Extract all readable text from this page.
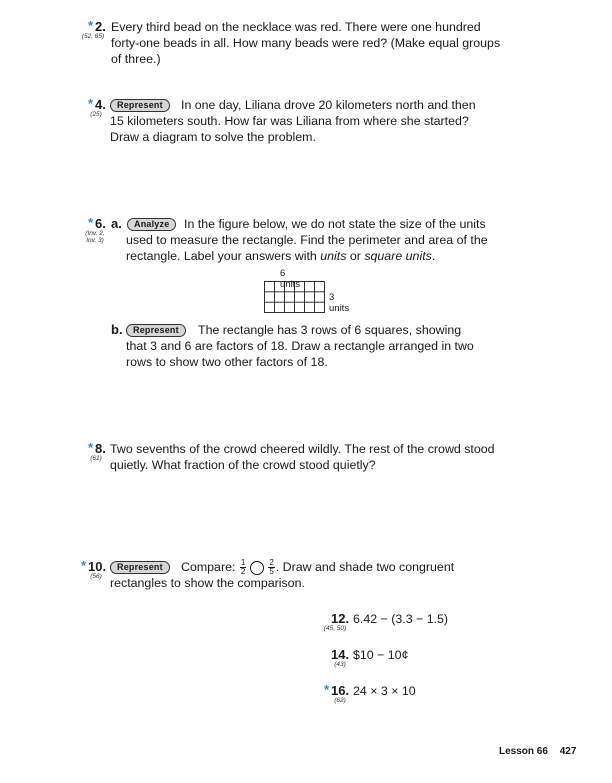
* 2.
(52, 65)
Every third bead on the necklace was red. There were one hundred
forty-one beads in all. How many beads were red? (Make equal groups
of three.)
* 4.
(25)
Represent	In one day, Liliana drove 20 kilometers north and then
15 kilometers south. How far was Liliana from where she started?
Draw a diagram to solve the problem.
* 6.
(Inv. 2,
Inv. 3)
a.	Analyze	In the figure below, we do not state the size of the units
used to measure the rectangle. Find the perimeter and area of the
rectangle. Label your answers with units or square units.
6 units
3 units
b.	Represent	The rectangle has 3 rows of 6 squares, showing
that 3 and 6 are factors of 18. Draw a rectangle arranged in two
rows to show two other factors of 18.
* 8.
(61)
Two sevenths of the crowd cheered wildly. The rest of the crowd stood
quietly. What fraction of the crowd stood quietly?
* 10.
(56)
Represent	Compare: $\frac{1}{2}$	$\frac{2}{5}$ . Draw and shade two congruent
rectangles to show the comparison.
12.
(45, 50)
6.42 − (3.3 − 1.5)
14.
(43)
$10 − 10¢
* 16.
(62)
24 × 3 × 10
Lesson 66 427
